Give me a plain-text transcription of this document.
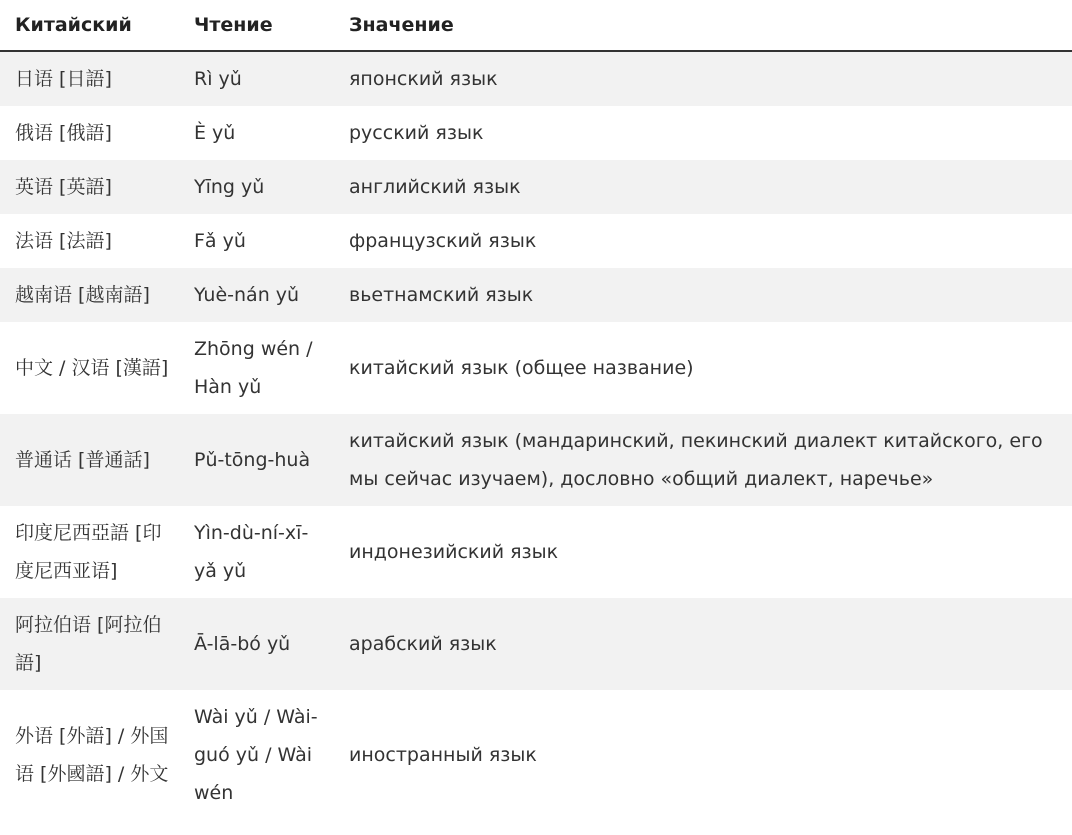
Китайский	Чтение	Значение
日语 [日語]	Rì yǔ	японский язык
俄语 [俄語]	È yǔ	русский язык
英语 [英語]	Yīng yǔ	английский язык
法语 [法語]	Fǎ yǔ	французский язык
越南语 [越南語]	Yuè-nán yǔ	вьетнамский язык
中文 / 汉语 [漢語]	Zhōng wén / Hàn yǔ	китайский язык (общее название)
普通话 [普通話]	Pǔ-tōng-huà	китайский язык (мандаринский, пекинский диалект китайского, его мы сейчас изучаем), дословно «общий диалект, наречье»
印度尼西亞語 [印度尼西亚语]	Yìn-dù-ní-xī-yǎ yǔ	индонезийский язык
阿拉伯语 [阿拉伯語]	Ā-lā-bó yǔ	арабский язык
外语 [外語] / 外国语 [外國語] / 外文	Wài yǔ / Wài-guó yǔ / Wài wén	иностранный язык
